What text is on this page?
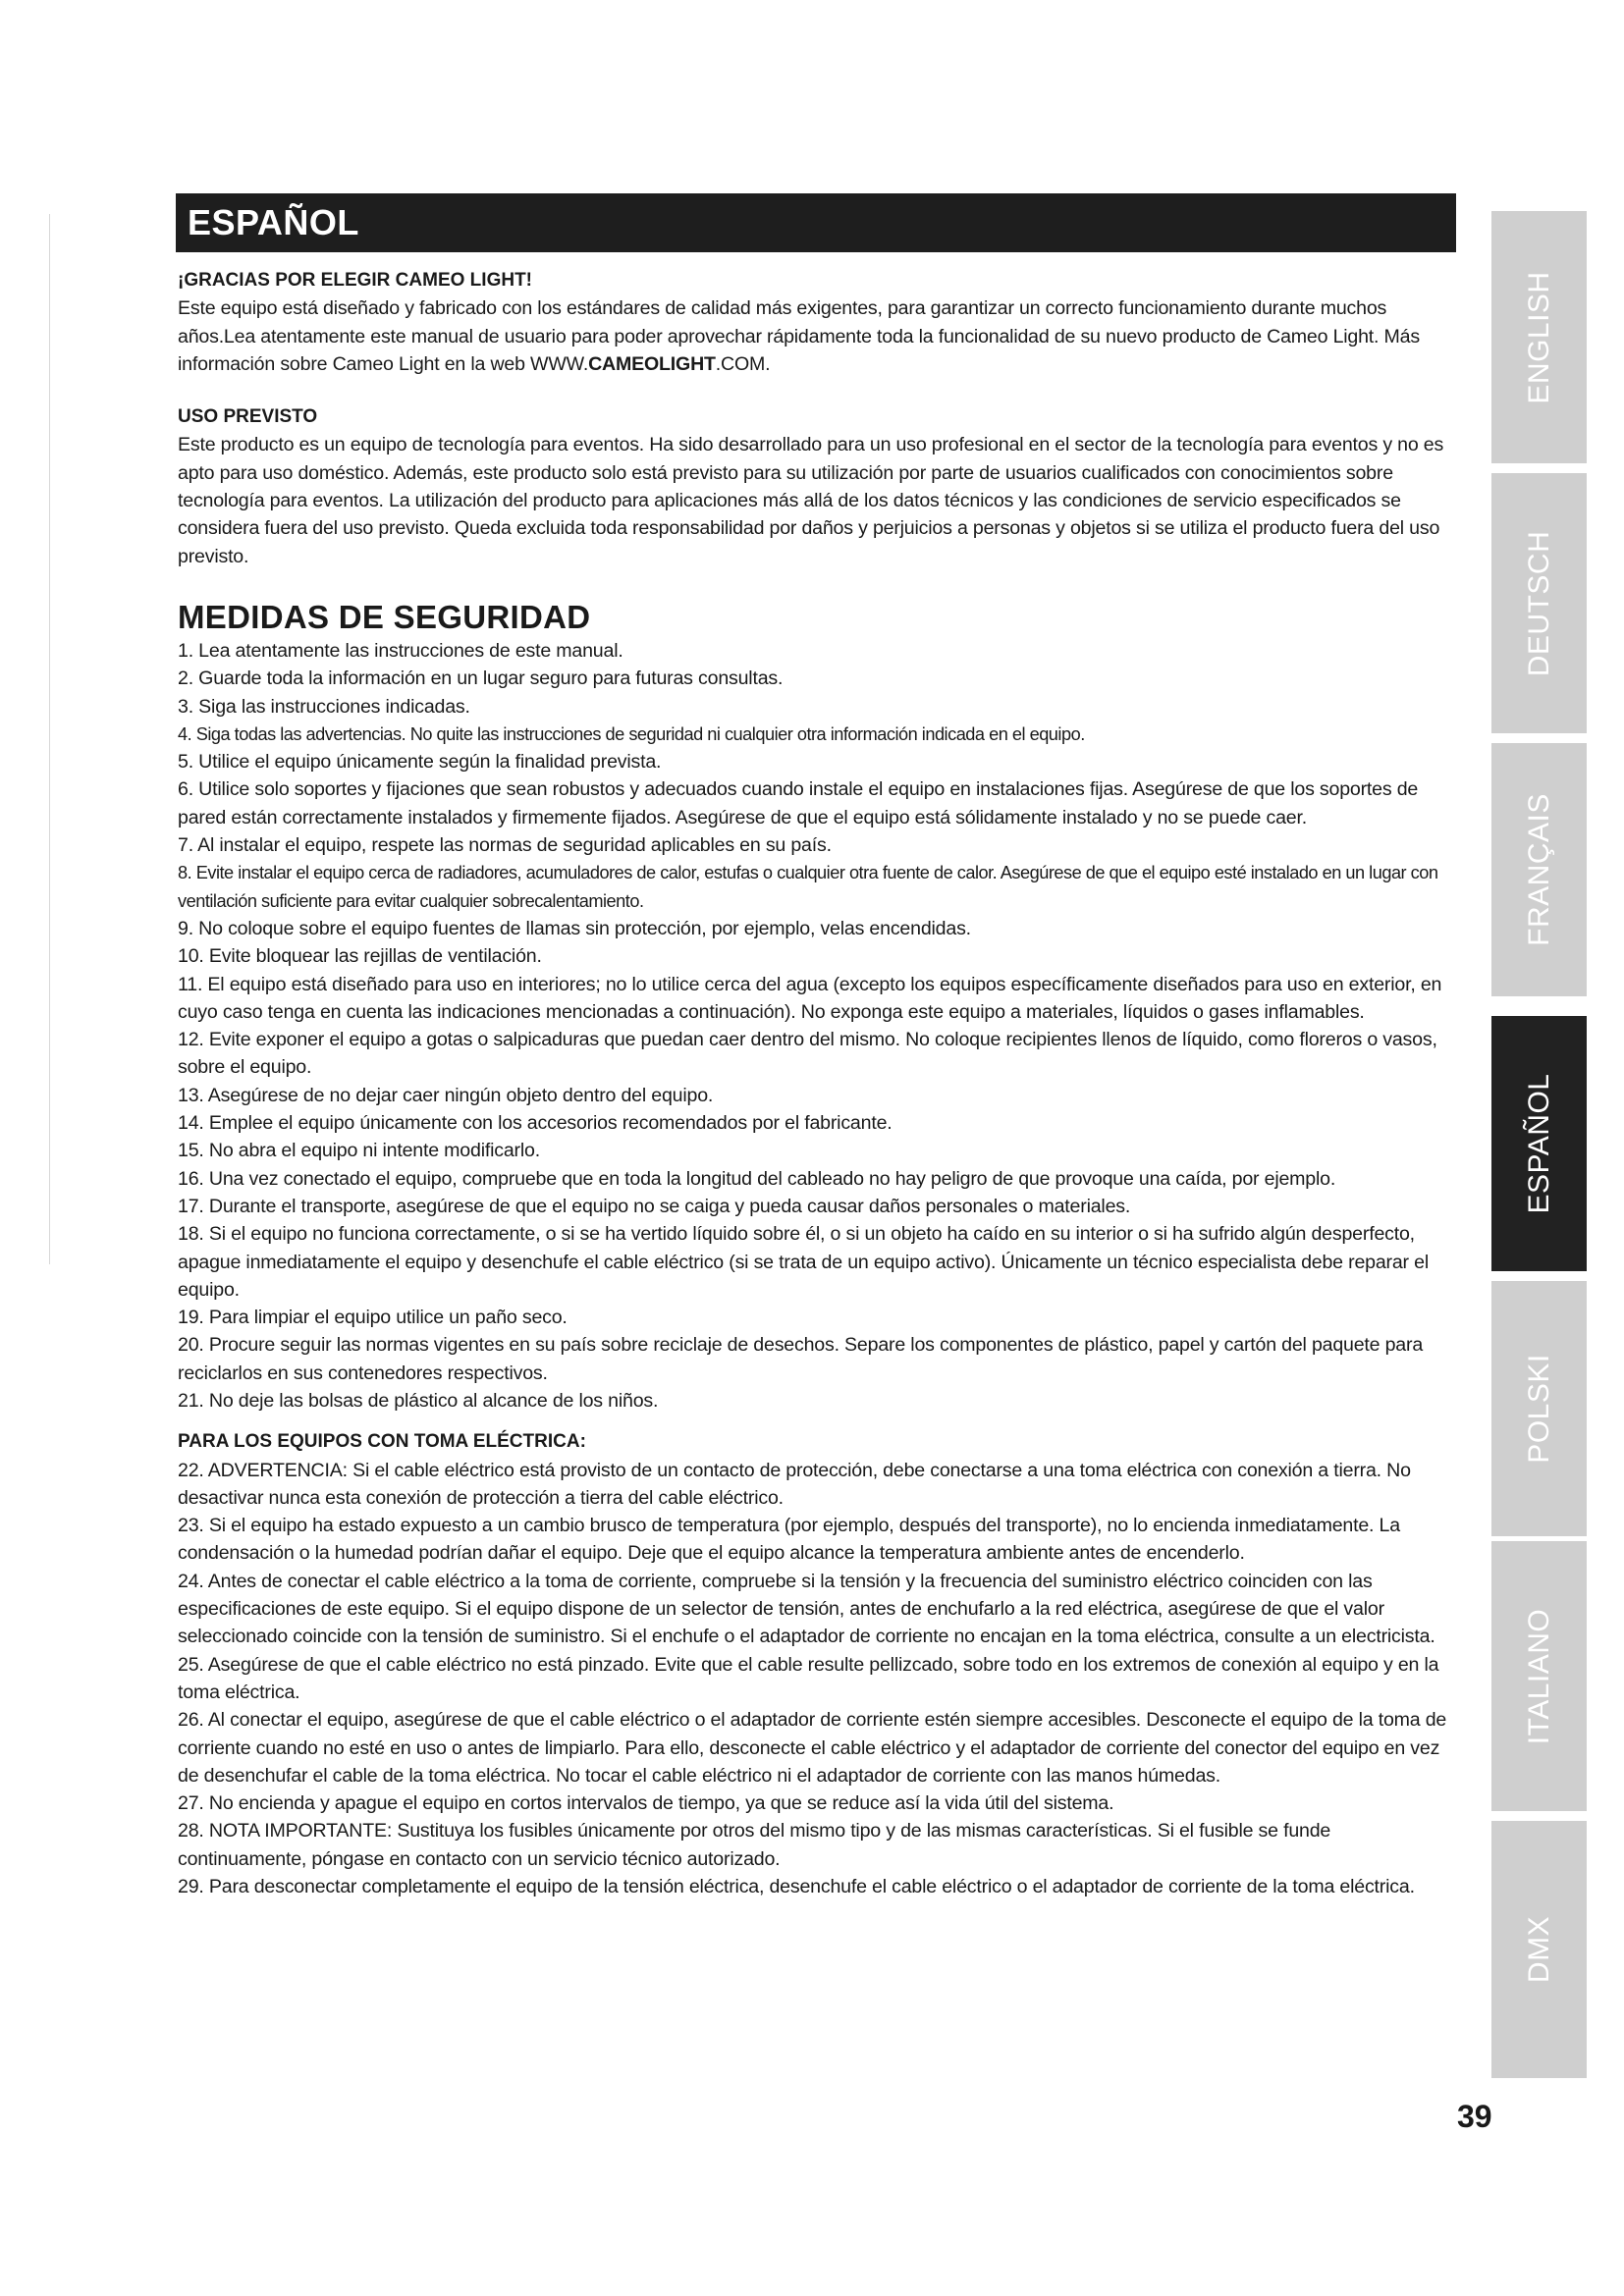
ESPAÑOL

¡GRACIAS POR ELEGIR CAMEO LIGHT!

Este equipo está diseñado y fabricado con los estándares de calidad más exigentes, para garantizar un correcto funcionamiento durante muchos años.Lea atentamente este manual de usuario para poder aprovechar rápidamente toda la funcionalidad de su nuevo producto de Cameo Light. Más información sobre Cameo Light en la web WWW.CAMEOLIGHT.COM.

USO PREVISTO

Este producto es un equipo de tecnología para eventos. Ha sido desarrollado para un uso profesional en el sector de la tecnología para eventos y no es apto para uso doméstico. Además, este producto solo está previsto para su utilización por parte de usuarios cualificados con conocimientos sobre tecnología para eventos. La utilización del producto para aplicaciones más allá de los datos técnicos y las condiciones de servicio especificados se considera fuera del uso previsto. Queda excluida toda responsabilidad por daños y perjuicios a personas y objetos si se utiliza el producto fuera del uso previsto.

MEDIDAS DE SEGURIDAD

1. Lea atentamente las instrucciones de este manual.

2. Guarde toda la información en un lugar seguro para futuras consultas.

3. Siga las instrucciones indicadas.

4. Siga todas las advertencias. No quite las instrucciones de seguridad ni cualquier otra información indicada en el equipo.

5. Utilice el equipo únicamente según la finalidad prevista.

6. Utilice solo soportes y fijaciones que sean robustos y adecuados cuando instale el equipo en instalaciones fijas. Asegúrese de que los soportes de pared están correctamente instalados y firmemente fijados. Asegúrese de que el equipo está sólidamente instalado y no se puede caer.

7. Al instalar el equipo, respete las normas de seguridad aplicables en su país.

8. Evite instalar el equipo cerca de radiadores, acumuladores de calor, estufas o cualquier otra fuente de calor. Asegúrese de que el equipo esté instalado en un lugar con ventilación suficiente para evitar cualquier sobrecalentamiento.

9. No coloque sobre el equipo fuentes de llamas sin protección, por ejemplo, velas encendidas.

10. Evite bloquear las rejillas de ventilación.

11. El equipo está diseñado para uso en interiores; no lo utilice cerca del agua (excepto los equipos específicamente diseñados para uso en exterior, en cuyo caso tenga en cuenta las indicaciones mencionadas a continuación). No exponga este equipo a materiales, líquidos o gases inflamables.

12. Evite exponer el equipo a gotas o salpicaduras que puedan caer dentro del mismo. No coloque recipientes llenos de líquido, como floreros o vasos, sobre el equipo.

13. Asegúrese de no dejar caer ningún objeto dentro del equipo.

14. Emplee el equipo únicamente con los accesorios recomendados por el fabricante.

15. No abra el equipo ni intente modificarlo.

16. Una vez conectado el equipo, compruebe que en toda la longitud del cableado no hay peligro de que provoque una caída, por ejemplo.

17. Durante el transporte, asegúrese de que el equipo no se caiga y pueda causar daños personales o materiales.

18. Si el equipo no funciona correctamente, o si se ha vertido líquido sobre él, o si un objeto ha caído en su interior o si ha sufrido algún desperfecto, apague inmediatamente el equipo y desenchufe el cable eléctrico (si se trata de un equipo activo). Únicamente un técnico especialista debe reparar el equipo.

19. Para limpiar el equipo utilice un paño seco.

20. Procure seguir las normas vigentes en su país sobre reciclaje de desechos. Separe los componentes de plástico, papel y cartón del paquete para reciclarlos en sus contenedores respectivos.

21. No deje las bolsas de plástico al alcance de los niños.

PARA LOS EQUIPOS CON TOMA ELÉCTRICA:

22. ADVERTENCIA: Si el cable eléctrico está provisto de un contacto de protección, debe conectarse a una toma eléctrica con conexión a tierra. No desactivar nunca esta conexión de protección a tierra del cable eléctrico.

23. Si el equipo ha estado expuesto a un cambio brusco de temperatura (por ejemplo, después del transporte), no lo encienda inmediatamente. La condensación o la humedad podrían dañar el equipo. Deje que el equipo alcance la temperatura ambiente antes de encenderlo.

24. Antes de conectar el cable eléctrico a la toma de corriente, compruebe si la tensión y la frecuencia del suministro eléctrico coinciden con las especificaciones de este equipo. Si el equipo dispone de un selector de tensión, antes de enchufarlo a la red eléctrica, asegúrese de que el valor seleccionado coincide con la tensión de suministro. Si el enchufe o el adaptador de corriente no encajan en la toma eléctrica, consulte a un electricista.

25. Asegúrese de que el cable eléctrico no está pinzado. Evite que el cable resulte pellizcado, sobre todo en los extremos de conexión al equipo y en la toma eléctrica.

26. Al conectar el equipo, asegúrese de que el cable eléctrico o el adaptador de corriente estén siempre accesibles. Desconecte el equipo de la toma de corriente cuando no esté en uso o antes de limpiarlo. Para ello, desconecte el cable eléctrico y el adaptador de corriente del conector del equipo en vez de desenchufar el cable de la toma eléctrica. No tocar el cable eléctrico ni el adaptador de corriente con las manos húmedas.

27. No encienda y apague el equipo en cortos intervalos de tiempo, ya que se reduce así la vida útil del sistema.

28. NOTA IMPORTANTE: Sustituya los fusibles únicamente por otros del mismo tipo y de las mismas características. Si el fusible se funde continuamente, póngase en contacto con un servicio técnico autorizado.

29. Para desconectar completamente el equipo de la tensión eléctrica, desenchufe el cable eléctrico o el adaptador de corriente de la toma eléctrica.

ENGLISH
DEUTSCH
FRANÇAIS
ESPAÑOL
POLSKI
ITALIANO
DMX
39
